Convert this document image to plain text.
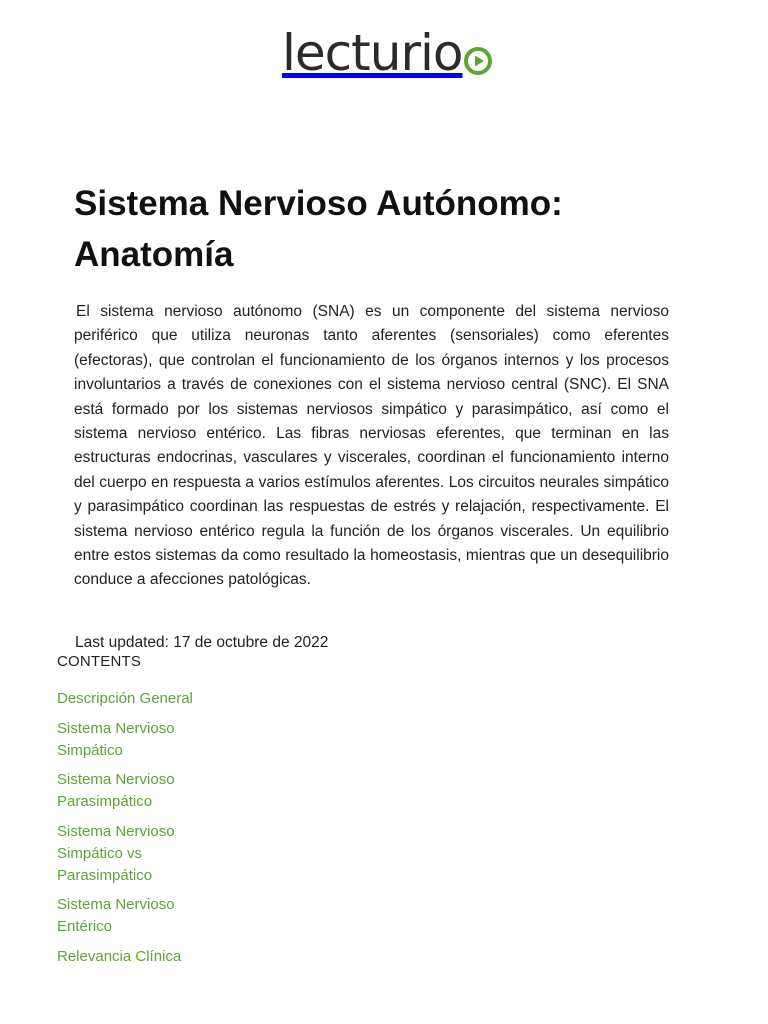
lecturio
Sistema Nervioso Autónomo: Anatomía

El sistema nervioso autónomo (SNA) es un componente del sistema nervioso periférico que utiliza neuronas tanto aferentes (sensoriales) como eferentes (efectoras), que controlan el funcionamiento de los órganos internos y los procesos involuntarios a través de conexiones con el sistema nervioso central (SNC). El SNA está formado por los sistemas nerviosos simpático y parasimpático, así como el sistema nervioso entérico. Las fibras nerviosas eferentes, que terminan en las estructuras endocrinas, vasculares y viscerales, coordinan el funcionamiento interno del cuerpo en respuesta a varios estímulos aferentes. Los circuitos neurales simpático y parasimpático coordinan las respuestas de estrés y relajación, respectivamente. El sistema nervioso entérico regula la función de los órganos viscerales. Un equilibrio entre estos sistemas da como resultado la homeostasis, mientras que un desequilibrio conduce a afecciones patológicas.

Last updated: 17 de octubre de 2022
CONTENTS
Descripción General
Sistema Nervioso Simpático
Sistema Nervioso Parasimpático
Sistema Nervioso Simpático vs Parasimpático
Sistema Nervioso Entérico
Relevancia Clínica
